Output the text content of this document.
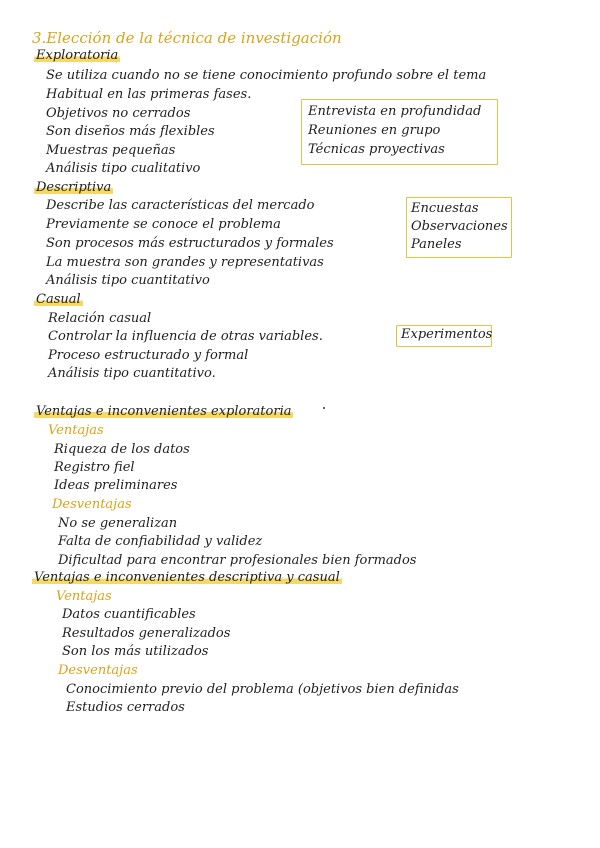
3.Elección de la técnica de investigación
Exploratoria
Se utiliza cuando no se tiene conocimiento profundo sobre el tema
Habitual en las primeras fases.
Objetivos no cerrados
Son diseños más flexibles
Muestras pequeñas
Análisis tipo cualitativo
Entrevista en profundidad
Reuniones en grupo
Técnicas proyectivas
Descriptiva
Describe las características del mercado
Previamente se conoce el problema
Son procesos más estructurados y formales
La muestra son grandes y representativas
Análisis tipo cuantitativo
Encuestas
Observaciones
Paneles
Casual
Relación casual
Controlar la influencia de otras variables.
Proceso estructurado y formal
Análisis tipo cuantitativo.
Experimentos
Ventajas e inconvenientes exploratoria
Ventajas
Riqueza de los datos
Registro fiel
Ideas preliminares
Desventajas
No se generalizan
Falta de confiabilidad y validez
Dificultad para encontrar profesionales bien formados
Ventajas e inconvenientes descriptiva y casual
Ventajas
Datos cuantificables
Resultados generalizados
Son los más utilizados
Desventajas
Conocimiento previo del problema (objetivos bien definidas
Estudios cerrados
